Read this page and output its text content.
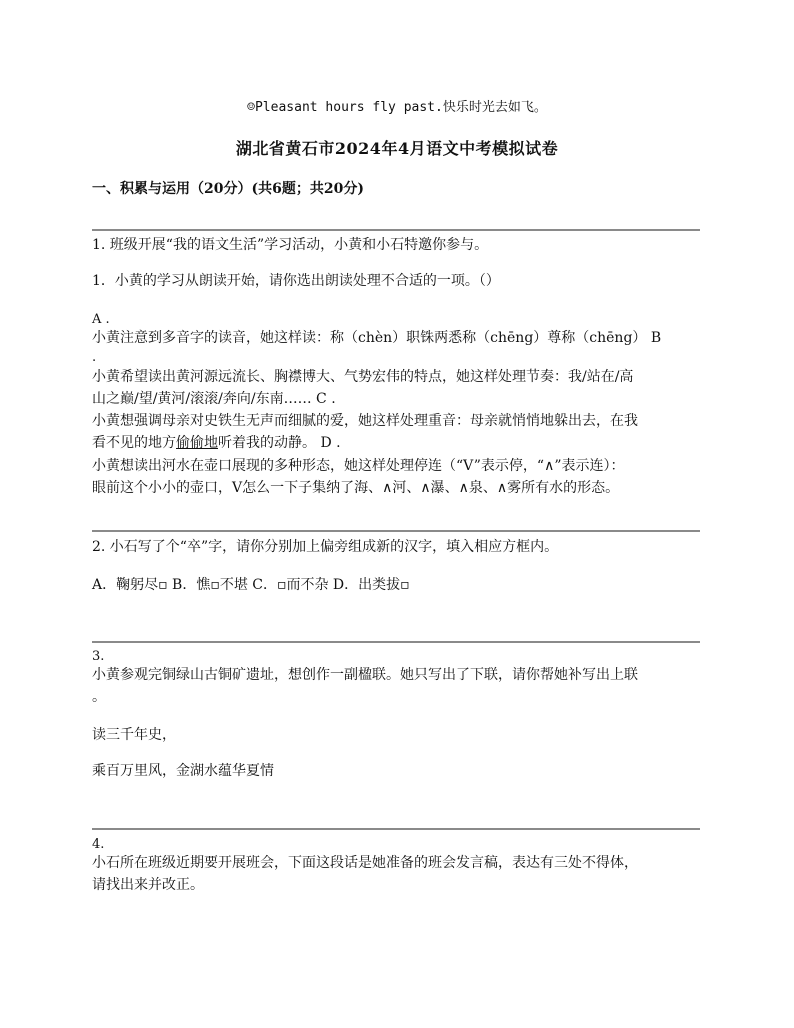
☺Pleasant hours fly past.快乐时光去如飞。
湖北省黄石市2024年4月语文中考模拟试卷
一、积累与运用（20分）(共6题；共20分)
1. 班级开展“我的语文生活”学习活动，小黄和小石特邀你参与。
1．小黄的学习从朗读开始，请你选出朗读处理不合适的一项。（）
A .
小黄注意到多音字的读音，她这样读：称（chèn）职铢两悉称（chēng）尊称（chēng） B
.
小黄希望读出黄河源远流长、胸襟博大、气势宏伟的特点，她这样处理节奏：我/站在/高
山之巅/望/黄河/滚滚/奔向/东南…… C .
小黄想强调母亲对史铁生无声而细腻的爱，她这样处理重音：母亲就悄悄地躲出去，在我
看不见的地方偷偷地听着我的动静。 D .
小黄想读出河水在壶口展现的多种形态，她这样处理停连（“V”表示停，“∧”表示连）：
眼前这个小小的壶口，V怎么一下子集纳了海、∧河、∧瀑、∧泉、∧雾所有水的形态。
2. 小石写了个“卒”字，请你分别加上偏旁组成新的汉字，填入相应方框内。
A．鞠躬尽▫ B．憔▫不堪 C．▫而不杂 D．出类拔▫
3.
小黄参观完铜绿山古铜矿遗址，想创作一副楹联。她只写出了下联，请你帮她补写出上联
。
读三千年史，
乘百万里风，金湖水蕴华夏情
4.
小石所在班级近期要开展班会，下面这段话是她准备的班会发言稿，表达有三处不得体，
请找出来并改正。
